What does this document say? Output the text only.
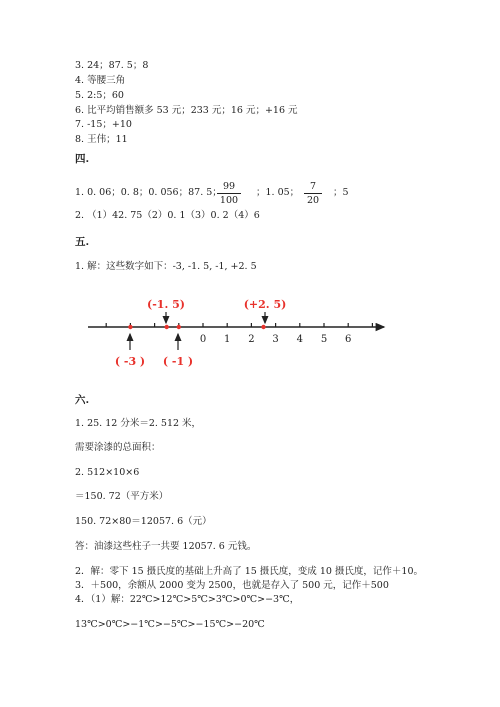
3. 24；87. 5；8
4. 等腰三角
5. 2:5；60
6. 比平均销售额多 53 元；233 元；16 元；+16 元
7. -15；+10
8. 王伟；11
四.
1. 0. 06；0. 8；0. 056；87. 5；
99
100
；1. 05；
7
20
；5
2. （1）42. 75（2）0. 1（3）0. 2（4）6
五.
1. 解：这些数字如下：-3, -1. 5, -1, +2. 5
0 1 2 3 4 5 6
(-1. 5)	(+2. 5)
( -3 ) ( -1 )
六.
1. 25. 12 分米＝2. 512 米，
需要涂漆的总面积：
2. 512×10×6
＝150. 72（平方米）
150. 72×80＝12057. 6（元）
答：油漆这些柱子一共要 12057. 6 元钱。
2．解：零下 15 摄氏度的基础上升高了 15 摄氏度，变成 10 摄氏度，记作＋10。
3．＋500，余额从 2000 变为 2500，也就是存入了 500 元，记作＋500
4．（1）解：22℃>12℃>5℃>3℃>0℃>−3℃，
13℃>0℃>−1℃>−5℃>−15℃>−20℃
